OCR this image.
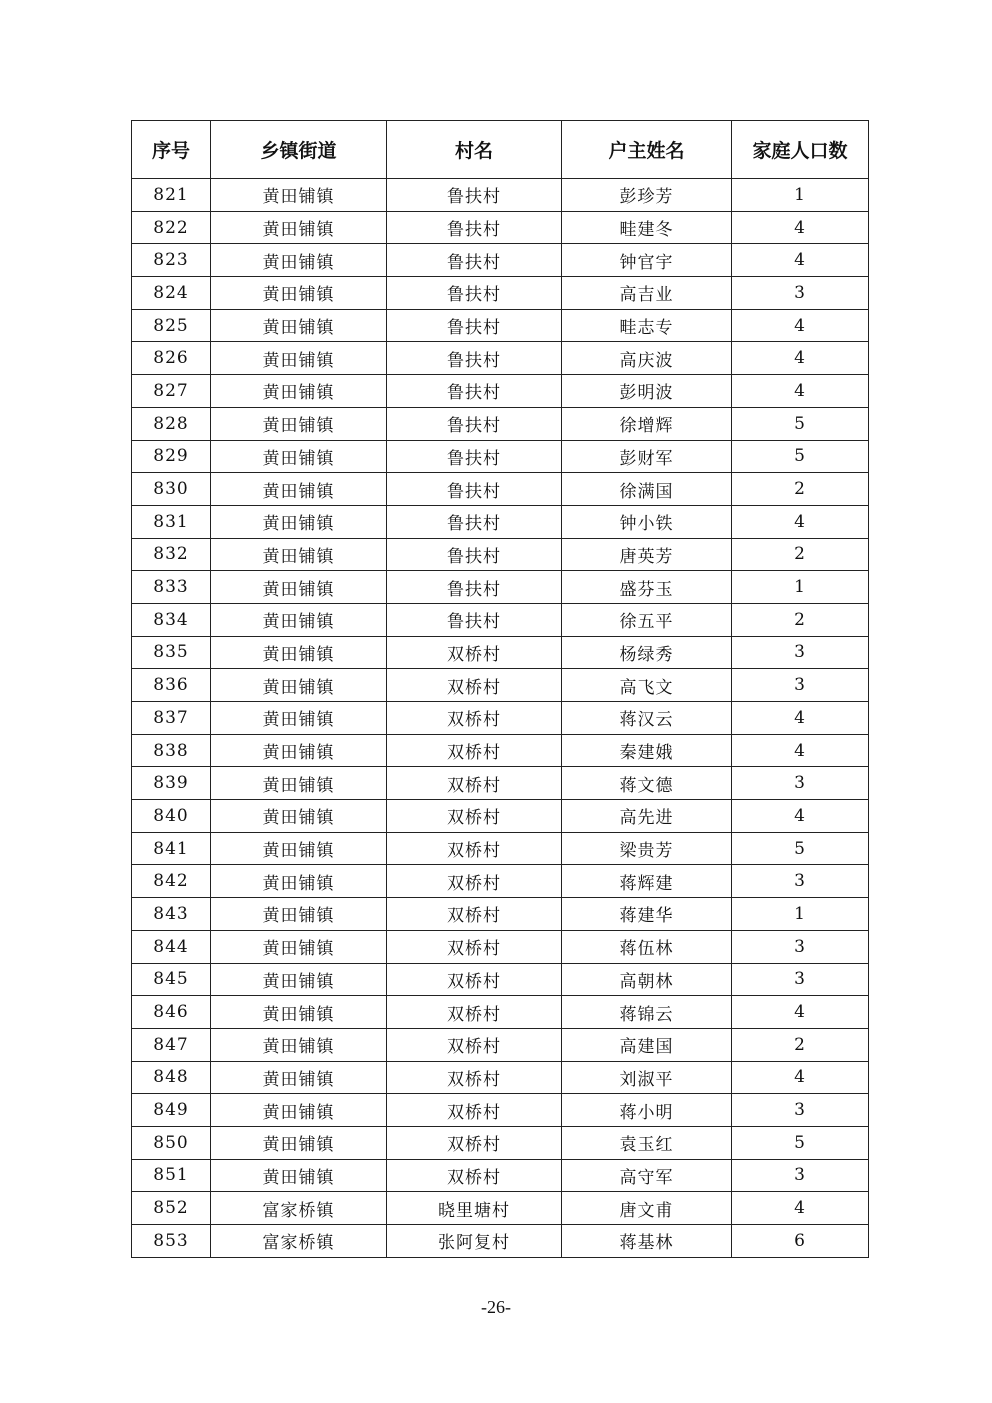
序号	乡镇街道	村名	户主姓名	家庭人口数
821	黄田铺镇	鲁扶村	彭珍芳	1
822	黄田铺镇	鲁扶村	畦建冬	4
823	黄田铺镇	鲁扶村	钟官宇	4
824	黄田铺镇	鲁扶村	高吉业	3
825	黄田铺镇	鲁扶村	畦志专	4
826	黄田铺镇	鲁扶村	高庆波	4
827	黄田铺镇	鲁扶村	彭明波	4
828	黄田铺镇	鲁扶村	徐增辉	5
829	黄田铺镇	鲁扶村	彭财军	5
830	黄田铺镇	鲁扶村	徐满国	2
831	黄田铺镇	鲁扶村	钟小铁	4
832	黄田铺镇	鲁扶村	唐英芳	2
833	黄田铺镇	鲁扶村	盛芬玉	1
834	黄田铺镇	鲁扶村	徐五平	2
835	黄田铺镇	双桥村	杨绿秀	3
836	黄田铺镇	双桥村	高飞文	3
837	黄田铺镇	双桥村	蒋汉云	4
838	黄田铺镇	双桥村	秦建娥	4
839	黄田铺镇	双桥村	蒋文德	3
840	黄田铺镇	双桥村	高先进	4
841	黄田铺镇	双桥村	梁贵芳	5
842	黄田铺镇	双桥村	蒋辉建	3
843	黄田铺镇	双桥村	蒋建华	1
844	黄田铺镇	双桥村	蒋伍林	3
845	黄田铺镇	双桥村	高朝林	3
846	黄田铺镇	双桥村	蒋锦云	4
847	黄田铺镇	双桥村	高建国	2
848	黄田铺镇	双桥村	刘淑平	4
849	黄田铺镇	双桥村	蒋小明	3
850	黄田铺镇	双桥村	袁玉红	5
851	黄田铺镇	双桥村	高守军	3
852	富家桥镇	晓里塘村	唐文甫	4
853	富家桥镇	张阿复村	蒋基林	6
-26-
